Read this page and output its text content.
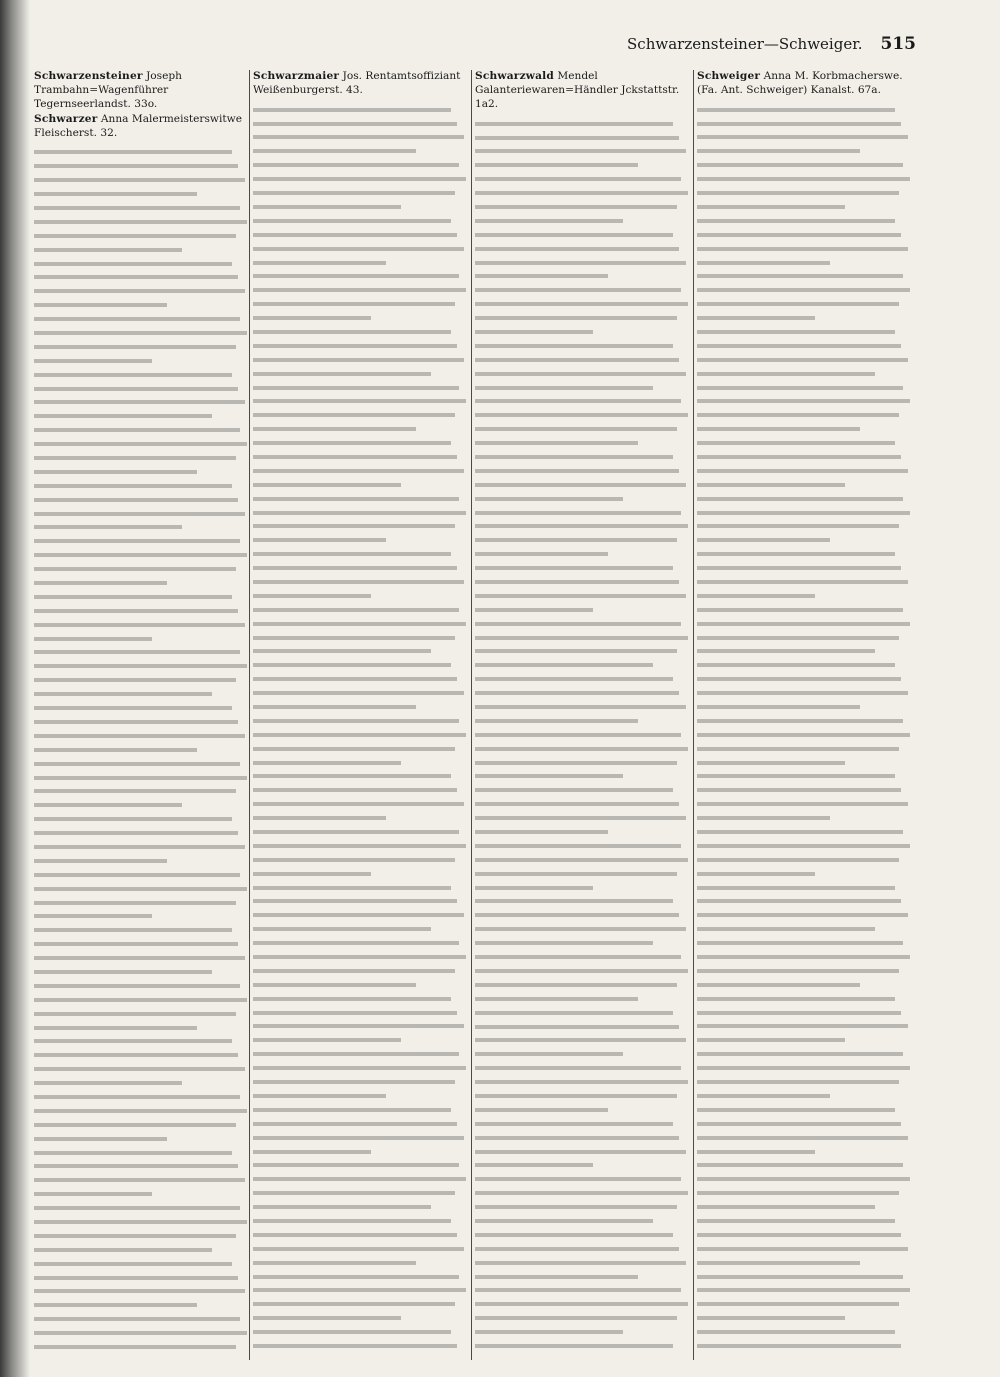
Schwarzensteiner—Schweiger. 515

Schwarzensteiner Joseph Trambahn=Wagenführer Tegernseerlandst. 33o.

Schwarzer Anna Malermeisterswitwe Fleischerst. 32.

Schwarzmaier Jos. Rentamtsoffiziant Weißenburgerst. 43.

Schwarzwald Mendel Galanteriewaren=Händler Jckstattstr. 1a2.

Schweiger Anna M. Korbmacherswe. (Fa. Ant. Schweiger) Kanalst. 67a.
